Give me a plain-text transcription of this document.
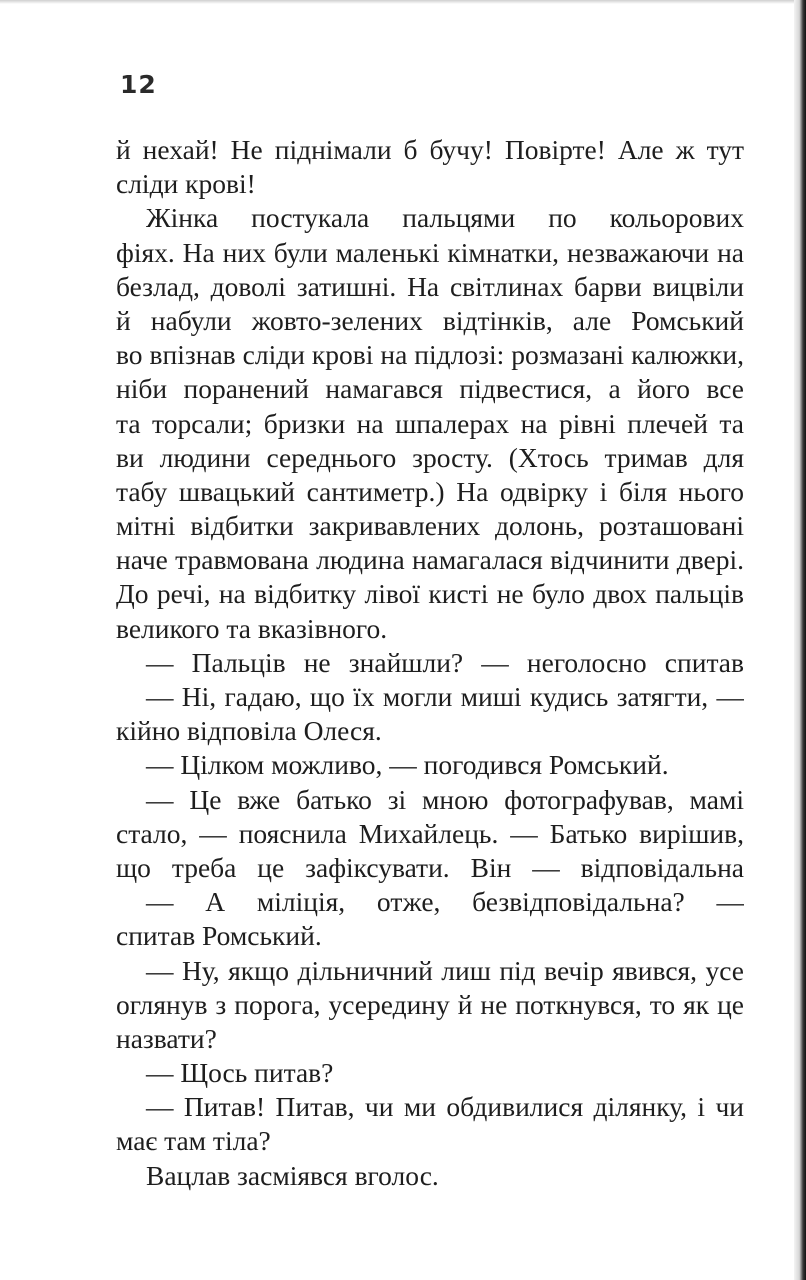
12
й нехай! Не піднімали б бучу! Повірте! Але ж тут
сліди крові!
Жінка постукала пальцями по кольорових
фіях. На них були маленькі кімнатки, незважаючи на
безлад, доволі затишні. На світлинах барви вицвіли
й набули жовто-зелених відтінків, але Ромський
во впізнав сліди крові на підлозі: розмазані калюжки,
ніби поранений намагався підвестися, а його все
та торсали; бризки на шпалерах на рівні плечей та
ви людини середнього зросту. (Хтось тримав для
табу швацький сантиметр.) На одвірку і біля нього
мітні відбитки закривавлених долонь, розташовані
наче травмована людина намагалася відчинити двері.
До речі, на відбитку лівої кисті не було двох пальців
великого та вказівного.
— Пальців не знайшли? — неголосно спитав
— Ні, гадаю, що їх могли миші кудись затягти, —
кійно відповіла Олеся.
— Цілком можливо, — погодився Ромський.
— Це вже батько зі мною фотографував, мамі
стало, — пояснила Михайлець. — Батько вирішив,
що треба це зафіксувати. Він — відповідальна
— А міліція, отже, безвідповідальна? —
спитав Ромський.
— Ну, якщо дільничний лиш під вечір явився, усе
оглянув з порога, усередину й не поткнувся, то як це
назвати?
— Щось питав?
— Питав! Питав, чи ми обдивилися ділянку, і чи
має там тіла?
Вацлав засміявся вголос.
